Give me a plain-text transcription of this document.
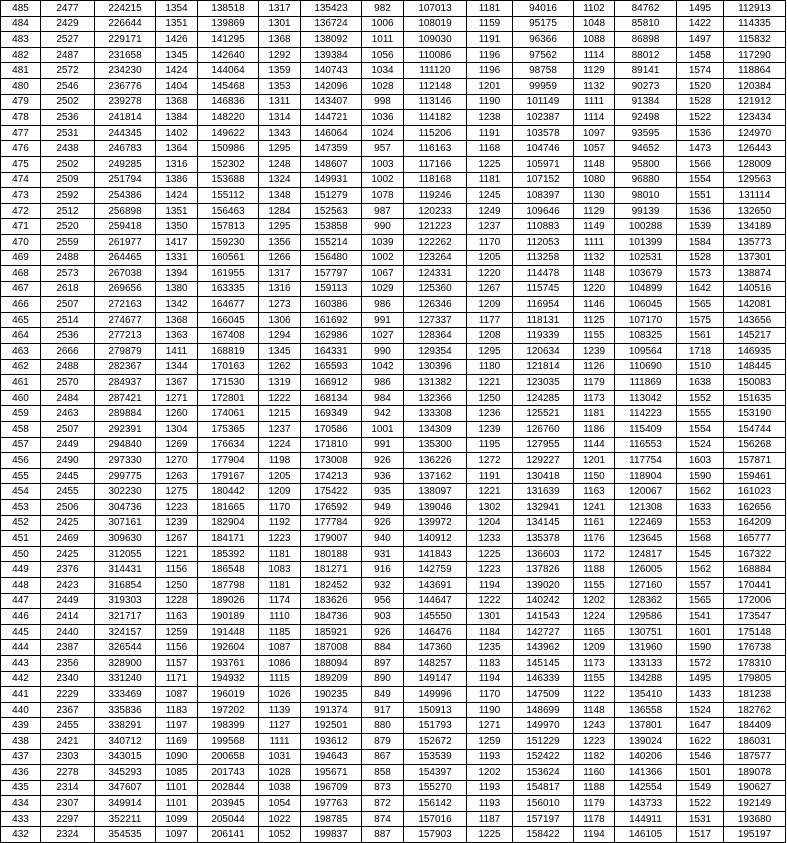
485	2477	224215	1354	138518	1317	135423	982	107013	1181	94016	1102	84762	1495	112913
484	2429	226644	1351	139869	1301	136724	1006	108019	1159	95175	1048	85810	1422	114335
483	2527	229171	1426	141295	1368	138092	1011	109030	1191	96366	1088	86898	1497	115832
482	2487	231658	1345	142640	1292	139384	1056	110086	1196	97562	1114	88012	1458	117290
481	2572	234230	1424	144064	1359	140743	1034	111120	1196	98758	1129	89141	1574	118864
480	2546	236776	1404	145468	1353	142096	1028	112148	1201	99959	1132	90273	1520	120384
479	2502	239278	1368	146836	1311	143407	998	113146	1190	101149	1111	91384	1528	121912
478	2536	241814	1384	148220	1314	144721	1036	114182	1238	102387	1114	92498	1522	123434
477	2531	244345	1402	149622	1343	146064	1024	115206	1191	103578	1097	93595	1536	124970
476	2438	246783	1364	150986	1295	147359	957	116163	1168	104746	1057	94652	1473	126443
475	2502	249285	1316	152302	1248	148607	1003	117166	1225	105971	1148	95800	1566	128009
474	2509	251794	1386	153688	1324	149931	1002	118168	1181	107152	1080	96880	1554	129563
473	2592	254386	1424	155112	1348	151279	1078	119246	1245	108397	1130	98010	1551	131114
472	2512	256898	1351	156463	1284	152563	987	120233	1249	109646	1129	99139	1536	132650
471	2520	259418	1350	157813	1295	153858	990	121223	1237	110883	1149	100288	1539	134189
470	2559	261977	1417	159230	1356	155214	1039	122262	1170	112053	1111	101399	1584	135773
469	2488	264465	1331	160561	1266	156480	1002	123264	1205	113258	1132	102531	1528	137301
468	2573	267038	1394	161955	1317	157797	1067	124331	1220	114478	1148	103679	1573	138874
467	2618	269656	1380	163335	1316	159113	1029	125360	1267	115745	1220	104899	1642	140516
466	2507	272163	1342	164677	1273	160386	986	126346	1209	116954	1146	106045	1565	142081
465	2514	274677	1368	166045	1306	161692	991	127337	1177	118131	1125	107170	1575	143656
464	2536	277213	1363	167408	1294	162986	1027	128364	1208	119339	1155	108325	1561	145217
463	2666	279879	1411	168819	1345	164331	990	129354	1295	120634	1239	109564	1718	146935
462	2488	282367	1344	170163	1262	165593	1042	130396	1180	121814	1126	110690	1510	148445
461	2570	284937	1367	171530	1319	166912	986	131382	1221	123035	1179	111869	1638	150083
460	2484	287421	1271	172801	1222	168134	984	132366	1250	124285	1173	113042	1552	151635
459	2463	289884	1260	174061	1215	169349	942	133308	1236	125521	1181	114223	1555	153190
458	2507	292391	1304	175365	1237	170586	1001	134309	1239	126760	1186	115409	1554	154744
457	2449	294840	1269	176634	1224	171810	991	135300	1195	127955	1144	116553	1524	156268
456	2490	297330	1270	177904	1198	173008	926	136226	1272	129227	1201	117754	1603	157871
455	2445	299775	1263	179167	1205	174213	936	137162	1191	130418	1150	118904	1590	159461
454	2455	302230	1275	180442	1209	175422	935	138097	1221	131639	1163	120067	1562	161023
453	2506	304736	1223	181665	1170	176592	949	139046	1302	132941	1241	121308	1633	162656
452	2425	307161	1239	182904	1192	177784	926	139972	1204	134145	1161	122469	1553	164209
451	2469	309630	1267	184171	1223	179007	940	140912	1233	135378	1176	123645	1568	165777
450	2425	312055	1221	185392	1181	180188	931	141843	1225	136603	1172	124817	1545	167322
449	2376	314431	1156	186548	1083	181271	916	142759	1223	137826	1188	126005	1562	168884
448	2423	316854	1250	187798	1181	182452	932	143691	1194	139020	1155	127160	1557	170441
447	2449	319303	1228	189026	1174	183626	956	144647	1222	140242	1202	128362	1565	172006
446	2414	321717	1163	190189	1110	184736	903	145550	1301	141543	1224	129586	1541	173547
445	2440	324157	1259	191448	1185	185921	926	146476	1184	142727	1165	130751	1601	175148
444	2387	326544	1156	192604	1087	187008	884	147360	1235	143962	1209	131960	1590	176738
443	2356	328900	1157	193761	1086	188094	897	148257	1183	145145	1173	133133	1572	178310
442	2340	331240	1171	194932	1115	189209	890	149147	1194	146339	1155	134288	1495	179805
441	2229	333469	1087	196019	1026	190235	849	149996	1170	147509	1122	135410	1433	181238
440	2367	335836	1183	197202	1139	191374	917	150913	1190	148699	1148	136558	1524	182762
439	2455	338291	1197	198399	1127	192501	880	151793	1271	149970	1243	137801	1647	184409
438	2421	340712	1169	199568	1111	193612	879	152672	1259	151229	1223	139024	1622	186031
437	2303	343015	1090	200658	1031	194643	867	153539	1193	152422	1182	140206	1546	187577
436	2278	345293	1085	201743	1028	195671	858	154397	1202	153624	1160	141366	1501	189078
435	2314	347607	1101	202844	1038	196709	873	155270	1193	154817	1188	142554	1549	190627
434	2307	349914	1101	203945	1054	197763	872	156142	1193	156010	1179	143733	1522	192149
433	2297	352211	1099	205044	1022	198785	874	157016	1187	157197	1178	144911	1531	193680
432	2324	354535	1097	206141	1052	199837	887	157903	1225	158422	1194	146105	1517	195197
